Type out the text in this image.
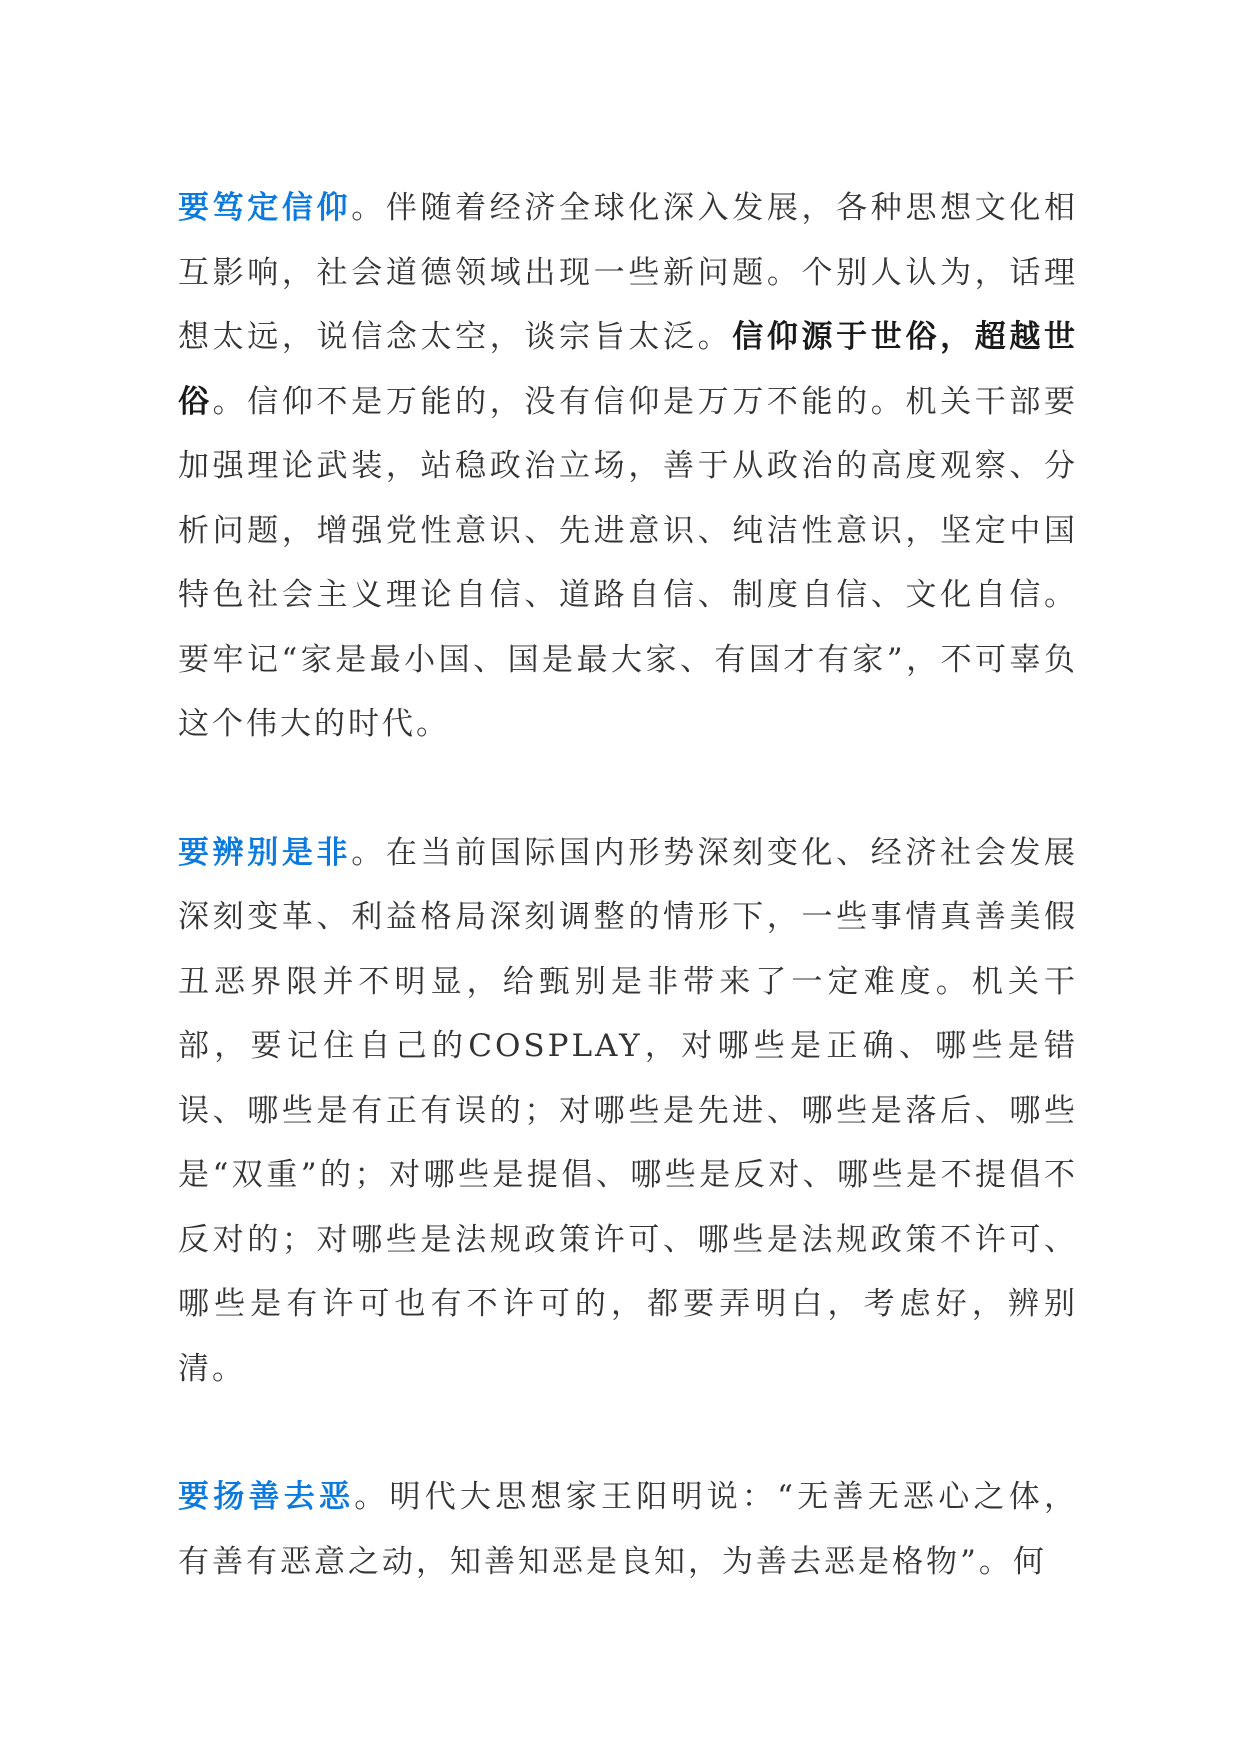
要笃定信仰。伴随着经济全球化深入发展，各种思想文化相互影响，社会道德领域出现一些新问题。个别人认为，话理想太远，说信念太空，谈宗旨太泛。信仰源于世俗，超越世俗。信仰不是万能的，没有信仰是万万不能的。机关干部要加强理论武装，站稳政治立场，善于从政治的高度观察、分析问题，增强党性意识、先进意识、纯洁性意识，坚定中国特色社会主义理论自信、道路自信、制度自信、文化自信。要牢记“家是最小国、国是最大家、有国才有家”，不可辜负这个伟大的时代。

要辨别是非。在当前国际国内形势深刻变化、经济社会发展深刻变革、利益格局深刻调整的情形下，一些事情真善美假丑恶界限并不明显，给甄别是非带来了一定难度。机关干部，要记住自己的COSPLAY，对哪些是正确、哪些是错误、哪些是有正有误的；对哪些是先进、哪些是落后、哪些是“双重”的；对哪些是提倡、哪些是反对、哪些是不提倡不反对的；对哪些是法规政策许可、哪些是法规政策不许可、哪些是有许可也有不许可的，都要弄明白，考虑好，辨别清。

要扬善去恶。明代大思想家王阳明说：“无善无恶心之体，有善有恶意之动，知善知恶是良知，为善去恶是格物”。何
